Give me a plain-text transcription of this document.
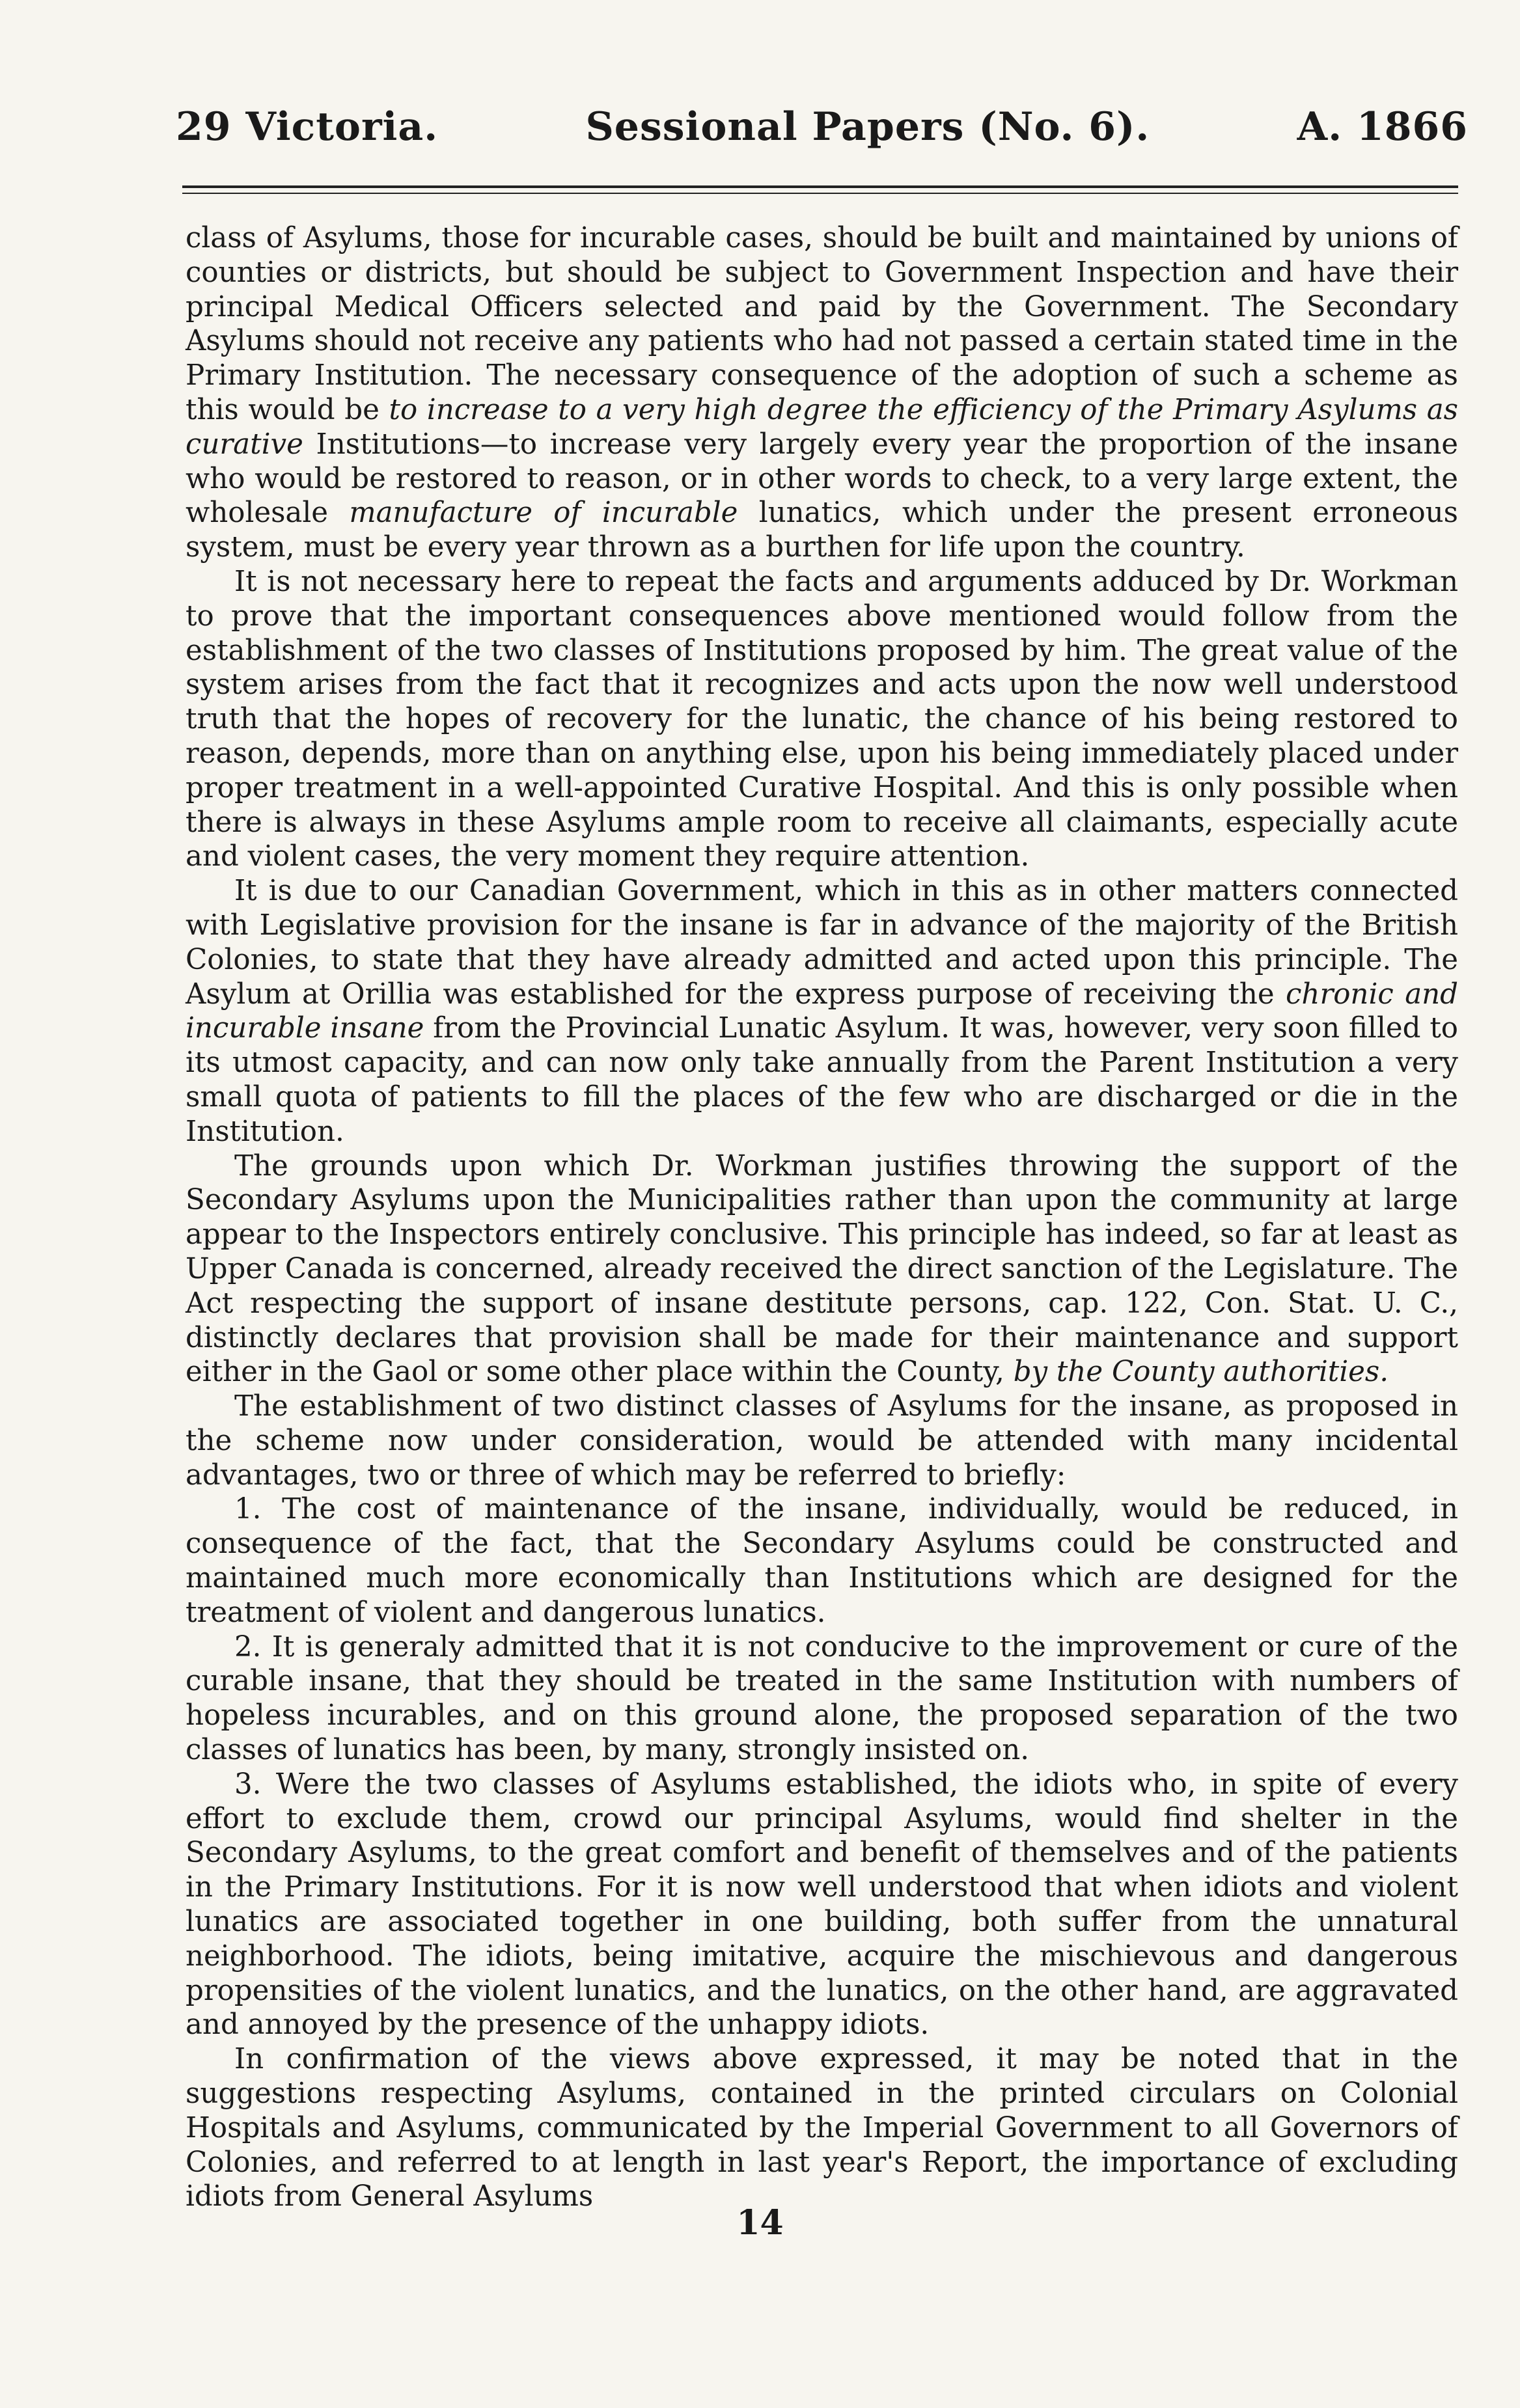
29 Victoria.	Sessional Papers (No. 6).	A. 1866

class of Asylums, those for incurable cases, should be built and maintained by unions of counties or districts, but should be subject to Government Inspection and have their principal Medical Officers selected and paid by the Government. The Secondary Asylums should not receive any patients who had not passed a certain stated time in the Primary Institution. The necessary consequence of the adoption of such a scheme as this would be to increase to a very high degree the efficiency of the Primary Asylums as curative Institutions—to increase very largely every year the proportion of the insane who would be restored to reason, or in other words to check, to a very large extent, the wholesale manufacture of incurable lunatics, which under the present erroneous system, must be every year thrown as a burthen for life upon the country.

It is not necessary here to repeat the facts and arguments adduced by Dr. Workman to prove that the important consequences above mentioned would follow from the establishment of the two classes of Institutions proposed by him. The great value of the system arises from the fact that it recognizes and acts upon the now well understood truth that the hopes of recovery for the lunatic, the chance of his being restored to reason, depends, more than on anything else, upon his being immediately placed under proper treatment in a well-appointed Curative Hospital. And this is only possible when there is always in these Asylums ample room to receive all claimants, especially acute and violent cases, the very moment they require attention.

It is due to our Canadian Government, which in this as in other matters connected with Legislative provision for the insane is far in advance of the majority of the British Colonies, to state that they have already admitted and acted upon this principle. The Asylum at Orillia was established for the express purpose of receiving the chronic and incurable insane from the Provincial Lunatic Asylum. It was, however, very soon filled to its utmost capacity, and can now only take annually from the Parent Institution a very small quota of patients to fill the places of the few who are discharged or die in the Institution.

The grounds upon which Dr. Workman justifies throwing the support of the Secondary Asylums upon the Municipalities rather than upon the community at large appear to the Inspectors entirely conclusive. This principle has indeed, so far at least as Upper Canada is concerned, already received the direct sanction of the Legislature. The Act respecting the support of insane destitute persons, cap. 122, Con. Stat. U. C., distinctly declares that provision shall be made for their maintenance and support either in the Gaol or some other place within the County, by the County authorities.

The establishment of two distinct classes of Asylums for the insane, as proposed in the scheme now under consideration, would be attended with many incidental advantages, two or three of which may be referred to briefly:

1. The cost of maintenance of the insane, individually, would be reduced, in consequence of the fact, that the Secondary Asylums could be constructed and maintained much more economically than Institutions which are designed for the treatment of violent and dangerous lunatics.

2. It is generaly admitted that it is not conducive to the improvement or cure of the curable insane, that they should be treated in the same Institution with numbers of hopeless incurables, and on this ground alone, the proposed separation of the two classes of lunatics has been, by many, strongly insisted on.

3. Were the two classes of Asylums established, the idiots who, in spite of every effort to exclude them, crowd our principal Asylums, would find shelter in the Secondary Asylums, to the great comfort and benefit of themselves and of the patients in the Primary Institutions. For it is now well understood that when idiots and violent lunatics are associated together in one building, both suffer from the unnatural neighborhood. The idiots, being imitative, acquire the mischievous and dangerous propensities of the violent lunatics, and the lunatics, on the other hand, are aggravated and annoyed by the presence of the unhappy idiots.

In confirmation of the views above expressed, it may be noted that in the suggestions respecting Asylums, contained in the printed circulars on Colonial Hospitals and Asylums, communicated by the Imperial Government to all Governors of Colonies, and referred to at length in last year's Report, the importance of excluding idiots from General Asylums

14
